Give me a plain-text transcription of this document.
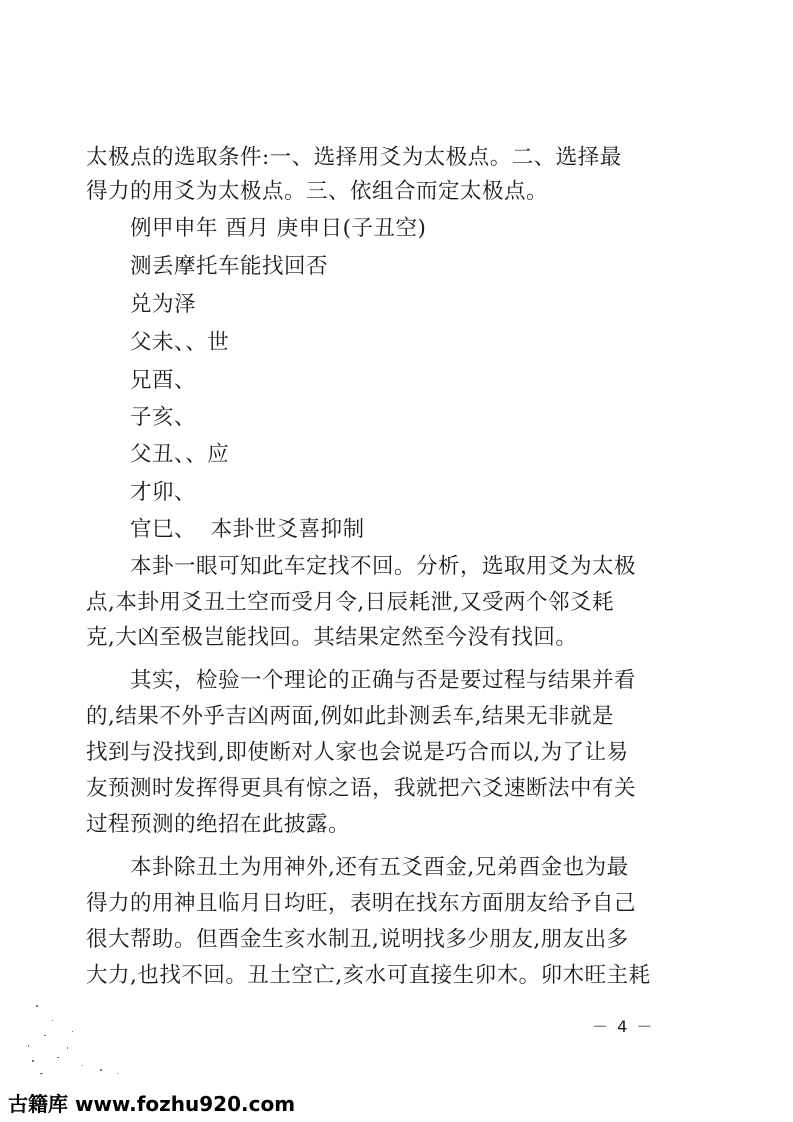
太极点的选取条件:一、选择用爻为太极点。二、选择最
得力的用爻为太极点。三、依组合而定太极点。
例甲申年 酉月 庚申日(子丑空)
测丢摩托车能找回否
兑为泽
父未、、世
兄酉、
子亥、
父丑、、应
才卯、
官巳、  本卦世爻喜抑制
本卦一眼可知此车定找不回。分析，选取用爻为太极
点,本卦用爻丑土空而受月令,日辰耗泄,又受两个邻爻耗
克,大凶至极岂能找回。其结果定然至今没有找回。
其实，检验一个理论的正确与否是要过程与结果并看
的,结果不外乎吉凶两面,例如此卦测丢车,结果无非就是
找到与没找到,即使断对人家也会说是巧合而以,为了让易
友预测时发挥得更具有惊之语，我就把六爻速断法中有关
过程预测的绝招在此披露。
本卦除丑土为用神外,还有五爻酉金,兄弟酉金也为最
得力的用神且临月日均旺，表明在找东方面朋友给予自己
很大帮助。但酉金生亥水制丑,说明找多少朋友,朋友出多
大力,也找不回。丑土空亡,亥水可直接生卯木。卯木旺主耗
－ 4 －
古籍库 www.fozhu920.com
